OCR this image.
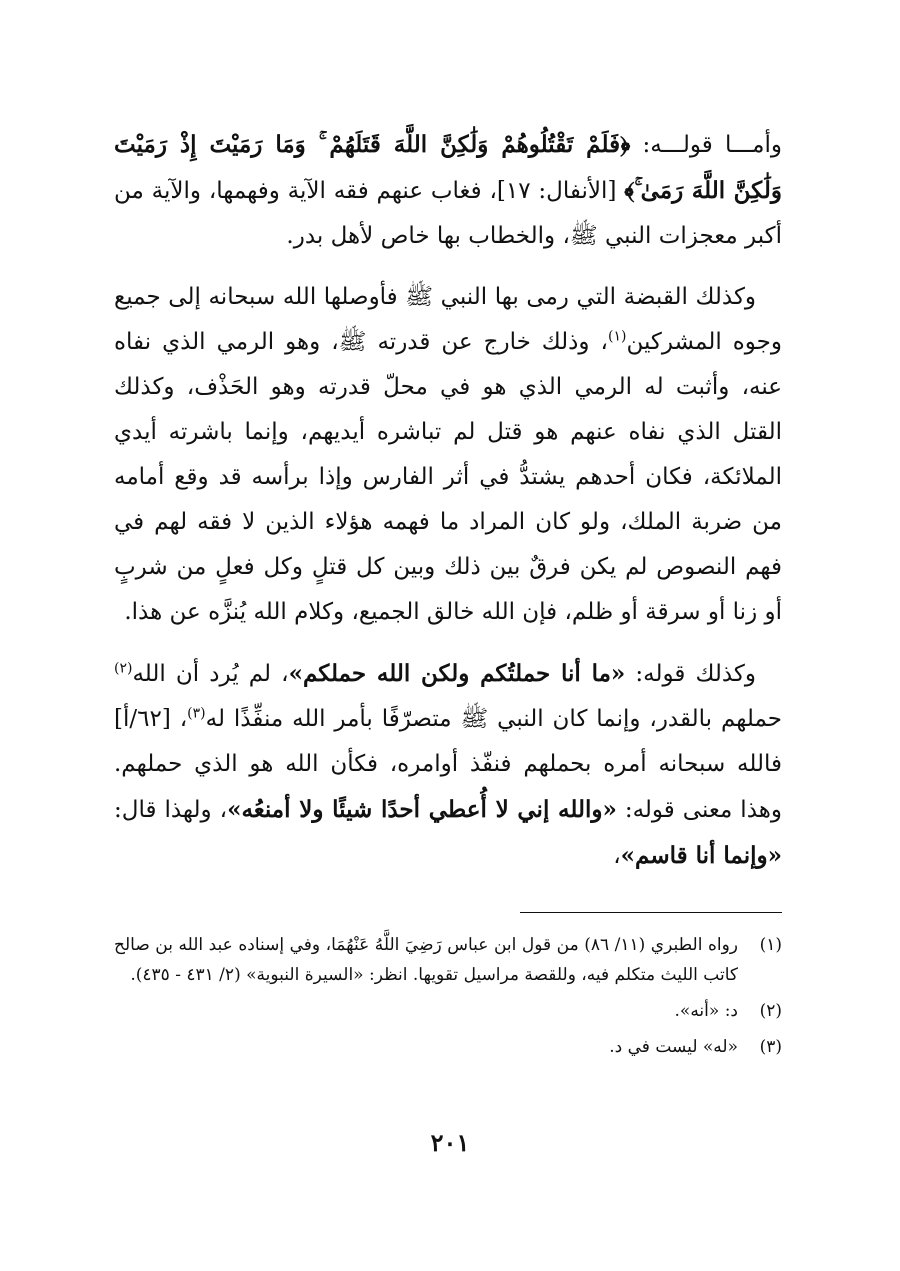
وأمـــا قولـــه: ﴿فَلَمْ تَقْتُلُوهُمْ وَلَٰكِنَّ اللَّهَ قَتَلَهُمْ ۚ وَمَا رَمَيْتَ إِذْ رَمَيْتَ وَلَٰكِنَّ اللَّهَ رَمَىٰ ۚ﴾ [الأنفال: ١٧]، فغاب عنهم فقه الآية وفهمها، والآية من أكبر معجزات النبي ﷺ، والخطاب بها خاص لأهل بدر.

وكذلك القبضة التي رمى بها النبي ﷺ فأوصلها الله سبحانه إلى جميع وجوه المشركين$^{(١)}$، وذلك خارج عن قدرته ﷺ، وهو الرمي الذي نفاه عنه، وأثبت له الرمي الذي هو في محلّ قدرته وهو الحَذْف، وكذلك القتل الذي نفاه عنهم هو قتل لم تباشره أيديهم، وإنما باشرته أيدي الملائكة، فكان أحدهم يشتدُّ في أثر الفارس وإذا برأسه قد وقع أمامه من ضربة الملك، ولو كان المراد ما فهمه هؤلاء الذين لا فقه لهم في فهم النصوص لم يكن فرقٌ بين ذلك وبين كل قتلٍ وكل فعلٍ من شربٍ أو زنا أو سرقة أو ظلم، فإن الله خالق الجميع، وكلام الله يُنزَّه عن هذا.

وكذلك قوله: «ما أنا حملتُكم ولكن الله حملكم»، لم يُرد أن الله$^{(٢)}$ حملهم بالقدر، وإنما كان النبي ﷺ متصرّفًا بأمر الله منفِّذًا له$^{(٣)}$، [٦٢/أ] فالله سبحانه أمره بحملهم فنفّذ أوامره، فكأن الله هو الذي حملهم. وهذا معنى قوله: «والله إني لا أُعطي أحدًا شيئًا ولا أمنعُه»، ولهذا قال: «وإنما أنا قاسم»،

(١)
رواه الطبري (١١/ ٨٦) من قول ابن عباس رَضِيَ اللَّهُ عَنْهُمَا، وفي إسناده عبد الله بن صالح كاتب الليث متكلم فيه، وللقصة مراسيل تقويها. انظر: «السيرة النبوية» (٢/ ٤٣١ - ٤٣٥).
(٢)
د: «أنه».
(٣)
«له» ليست في د.
٢٠١
